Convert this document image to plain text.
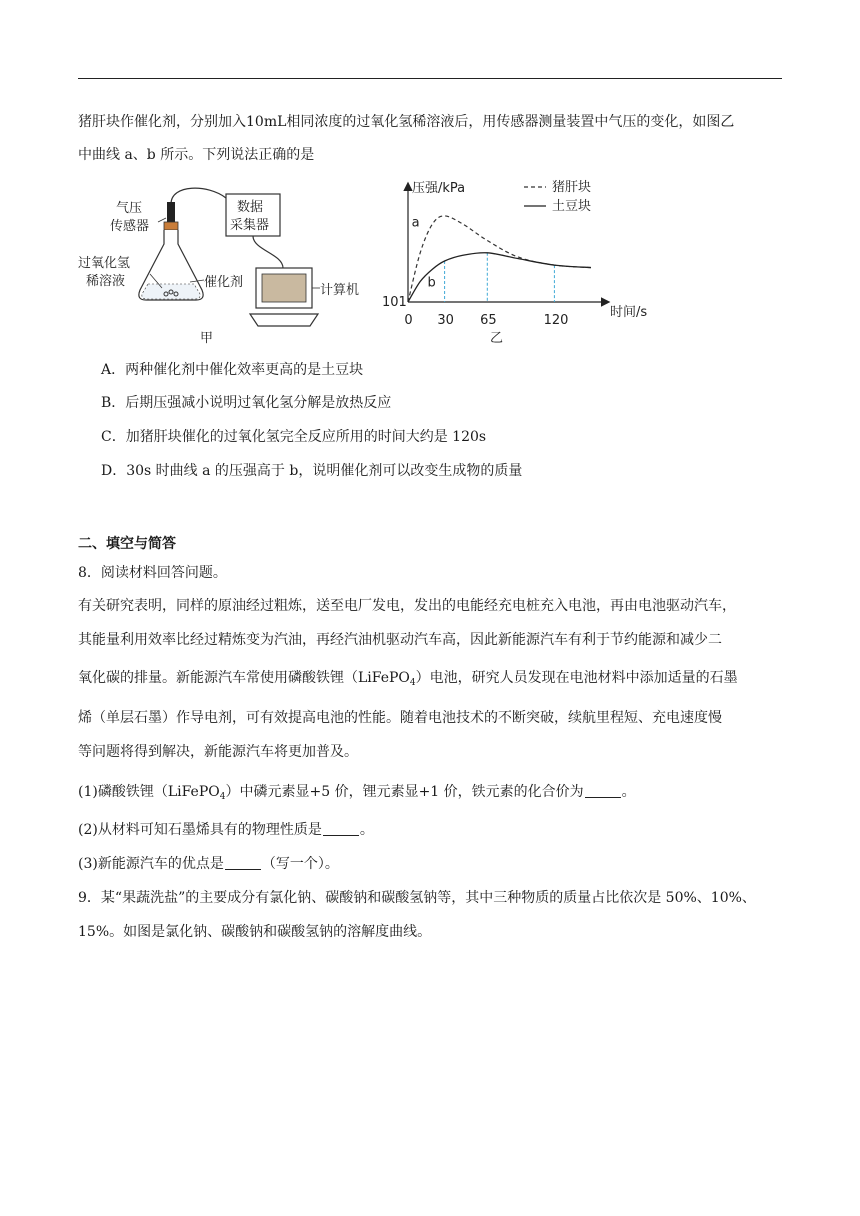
猪肝块作催化剂，分别加入10mL相同浓度的过氧化氢稀溶液后，用传感器测量装置中气压的变化，如图乙
中曲线 a、b 所示。下列说法正确的是
气压
传感器
数据
采集器
过氧化氢
稀溶液	催化剂
计算机
甲
0 30 65	120
压强/kPa
时间/s
101
a
b
猪肝块
土豆块
乙
A．两种催化剂中催化效率更高的是土豆块
B．后期压强减小说明过氧化氢分解是放热反应
C．加猪肝块催化的过氧化氢完全反应所用的时间大约是 120s
D．30s 时曲线 a 的压强高于 b，说明催化剂可以改变生成物的质量
二、填空与简答
8．阅读材料回答问题。
有关研究表明，同样的原油经过粗炼，送至电厂发电，发出的电能经充电桩充入电池，再由电池驱动汽车，
其能量利用效率比经过精炼变为汽油，再经汽油机驱动汽车高，因此新能源汽车有利于节约能源和减少二
氧化碳的排量。新能源汽车常使用磷酸铁锂（LiFePO$_4$）电池，研究人员发现在电池材料中添加适量的石墨
烯（单层石墨）作导电剂，可有效提高电池的性能。随着电池技术的不断突破，续航里程短、充电速度慢
等问题将得到解决，新能源汽车将更加普及。
(1)磷酸铁锂（LiFePO$_4$）中磷元素显+5 价，锂元素显+1 价，铁元素的化合价为	。
(2)从材料可知石墨烯具有的物理性质是	。
(3)新能源汽车的优点是	（写一个）。
9．某“果蔬洗盐”的主要成分有氯化钠、碳酸钠和碳酸氢钠等，其中三种物质的质量占比依次是 50%、10%、
15%。如图是氯化钠、碳酸钠和碳酸氢钠的溶解度曲线。
